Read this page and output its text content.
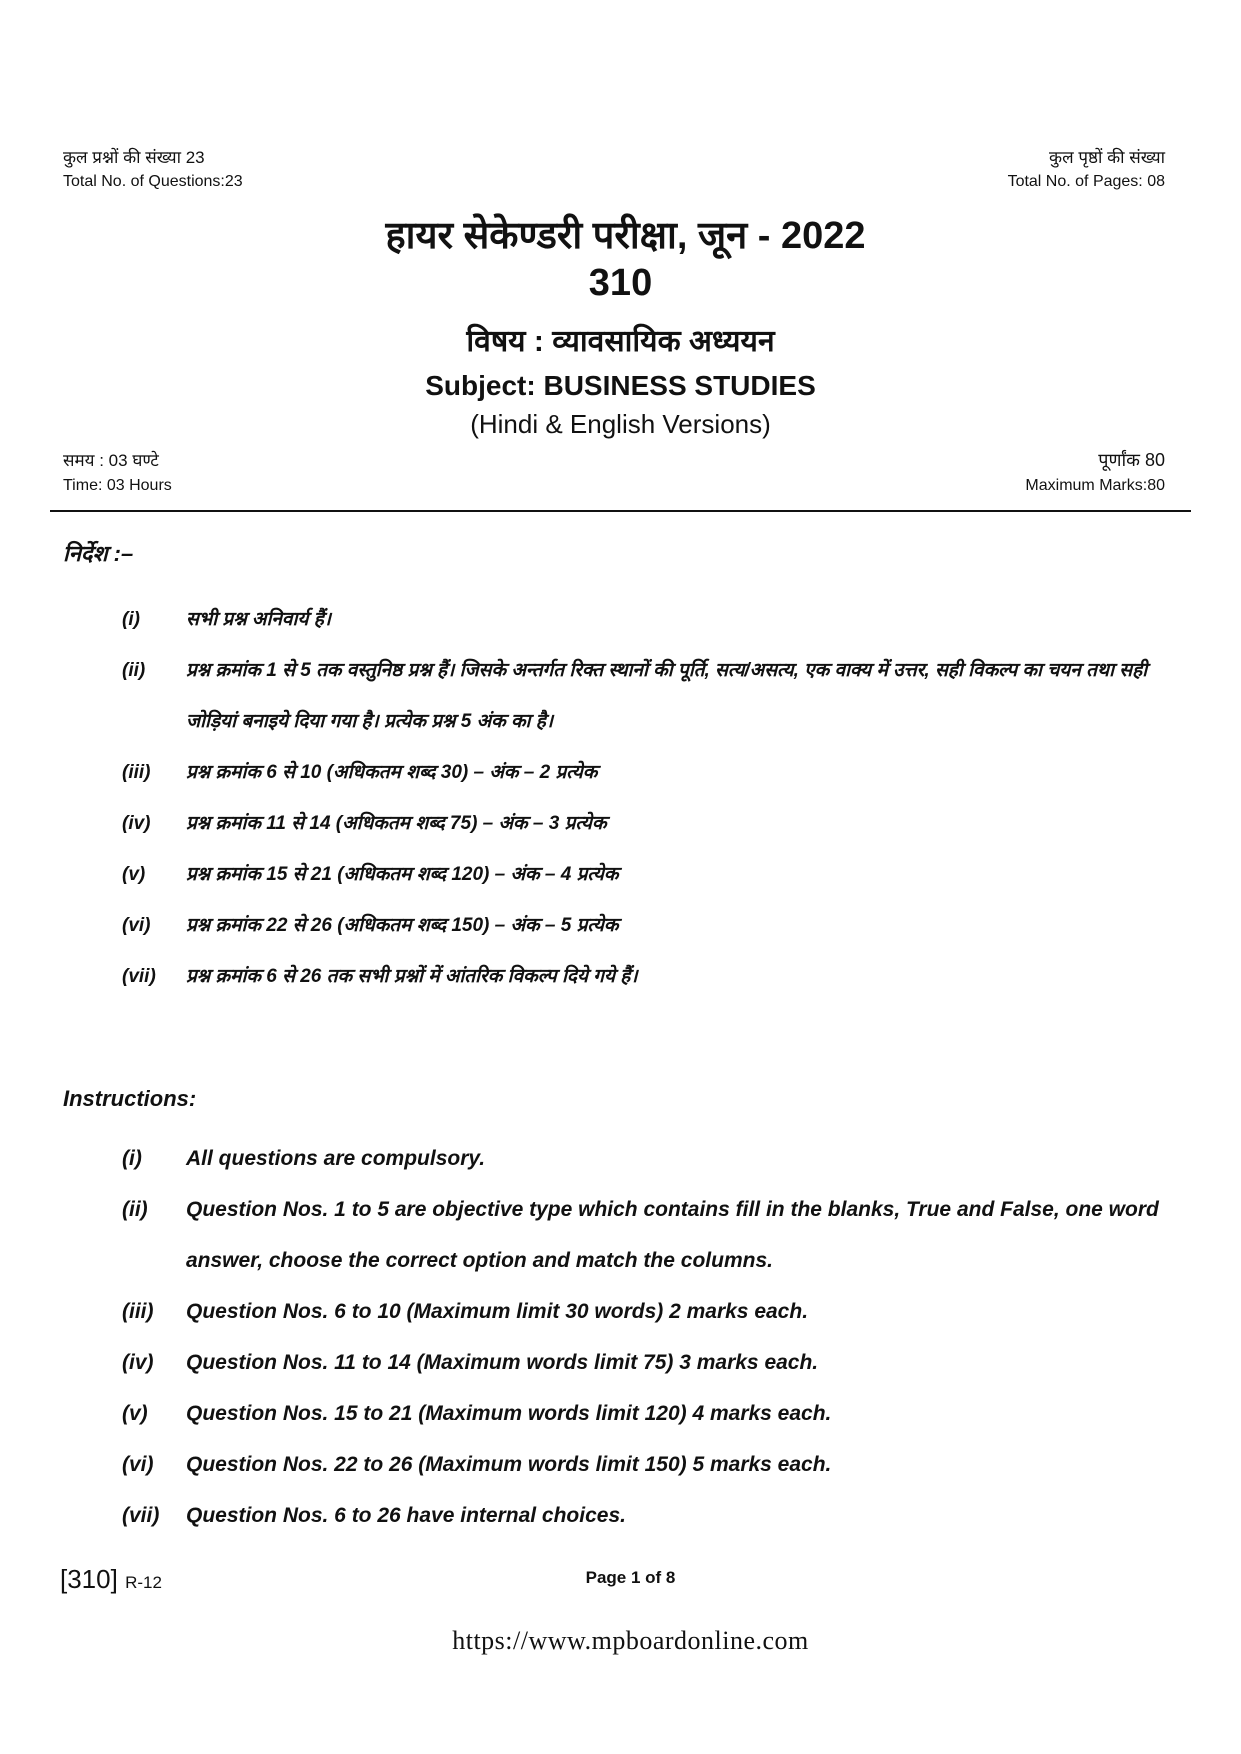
कुल प्रश्नों की संख्या 23
Total No. of Questions:23
कुल पृष्ठों की संख्या
Total No. of Pages: 08
हायर सेकेण्डरी परीक्षा, जून - 2022
310
विषय : व्यावसायिक अध्ययन
Subject: BUSINESS STUDIES
(Hindi & English Versions)
समय : 03 घण्टे
Time: 03 Hours
पूर्णांक 80
Maximum Marks:80
निर्देश :–
(i)	सभी प्रश्न अनिवार्य हैं।
(ii)	प्रश्न क्रमांक 1 से 5 तक वस्तुनिष्ठ प्रश्न हैं। जिसके अन्तर्गत रिक्त स्थानों की पूर्ति, सत्य/असत्य, एक वाक्य में उत्तर, सही विकल्प का चयन तथा सही जोड़ियां बनाइये दिया गया है। प्रत्येक प्रश्न 5 अंक का है।
(iii)	प्रश्न क्रमांक 6 से 10 (अधिकतम शब्द 30) – अंक – 2 प्रत्येक
(iv)	प्रश्न क्रमांक 11 से 14 (अधिकतम शब्द 75) – अंक – 3 प्रत्येक
(v)	प्रश्न क्रमांक 15 से 21 (अधिकतम शब्द 120) – अंक – 4 प्रत्येक
(vi)	प्रश्न क्रमांक 22 से 26 (अधिकतम शब्द 150) – अंक – 5 प्रत्येक
(vii)	प्रश्न क्रमांक 6 से 26 तक सभी प्रश्नों में आंतरिक विकल्प दिये गये हैं।
Instructions:
(i)	All questions are compulsory.
(ii)	Question Nos. 1 to 5 are objective type which contains fill in the blanks, True and False, one word answer, choose the correct option and match the columns.
(iii)	Question Nos. 6 to 10 (Maximum limit 30 words) 2 marks each.
(iv)	Question Nos. 11 to 14 (Maximum words limit 75) 3 marks each.
(v)	Question Nos. 15 to 21 (Maximum words limit 120) 4 marks each.
(vi)	Question Nos. 22 to 26 (Maximum words limit 150) 5 marks each.
(vii)	Question Nos. 6 to 26 have internal choices.
[310] R-12	Page 1 of 8
https://www.mpboardonline.com
